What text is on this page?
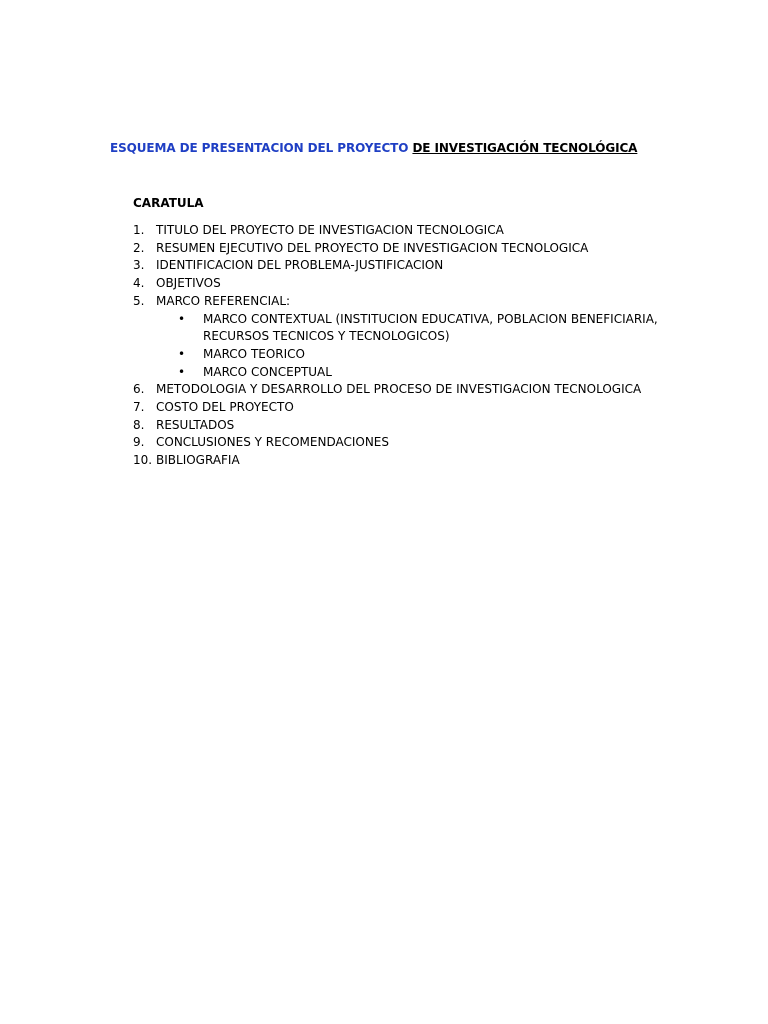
ESQUEMA DE PRESENTACION DEL PROYECTO DE INVESTIGACIÓN TECNOLÓGICA
CARATULA
1. TITULO DEL PROYECTO DE INVESTIGACION TECNOLOGICA
2. RESUMEN EJECUTIVO DEL PROYECTO DE INVESTIGACION TECNOLOGICA
3. IDENTIFICACION DEL PROBLEMA-JUSTIFICACION
4. OBJETIVOS
5. MARCO REFERENCIAL:
• MARCO CONTEXTUAL (INSTITUCION EDUCATIVA, POBLACION BENEFICIARIA, RECURSOS TECNICOS Y TECNOLOGICOS)
• MARCO TEORICO
• MARCO CONCEPTUAL
6. METODOLOGIA Y DESARROLLO DEL PROCESO DE INVESTIGACION TECNOLOGICA
7. COSTO DEL PROYECTO
8. RESULTADOS
9. CONCLUSIONES Y RECOMENDACIONES
10. BIBLIOGRAFIA
